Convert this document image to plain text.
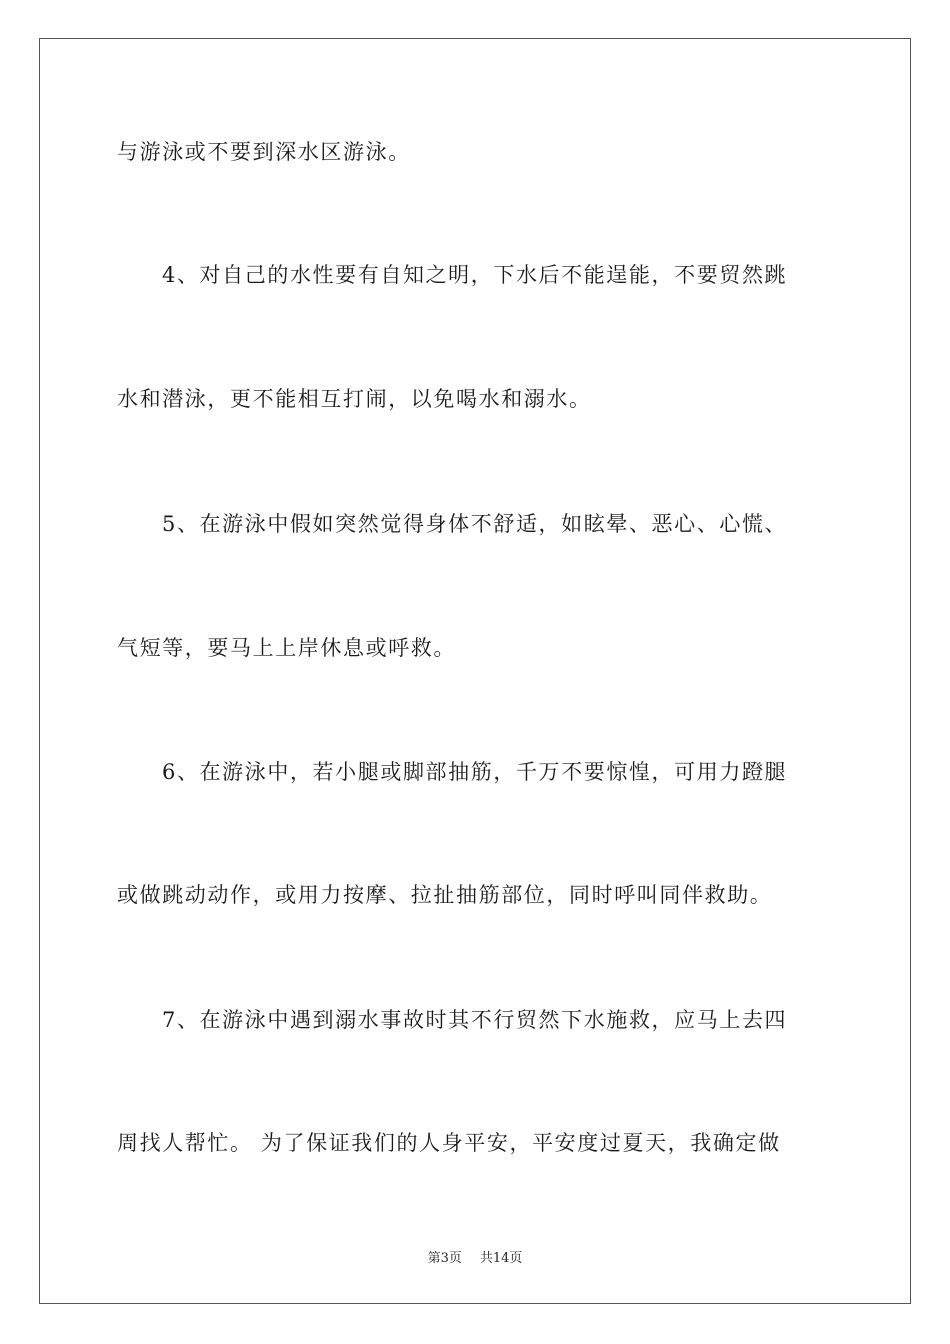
与游泳或不要到深水区游泳。
4、对自己的水性要有自知之明，下水后不能逞能，不要贸然跳
水和潜泳，更不能相互打闹，以免喝水和溺水。
5、在游泳中假如突然觉得身体不舒适，如眩晕、恶心、心慌、
气短等，要马上上岸休息或呼救。
6、在游泳中，若小腿或脚部抽筋，千万不要惊惶，可用力蹬腿
或做跳动动作，或用力按摩、拉扯抽筋部位，同时呼叫同伴救助。
7、在游泳中遇到溺水事故时其不行贸然下水施救，应马上去四
周找人帮忙。 为了保证我们的人身平安，平安度过夏天，我确定做
第3页 共14页
